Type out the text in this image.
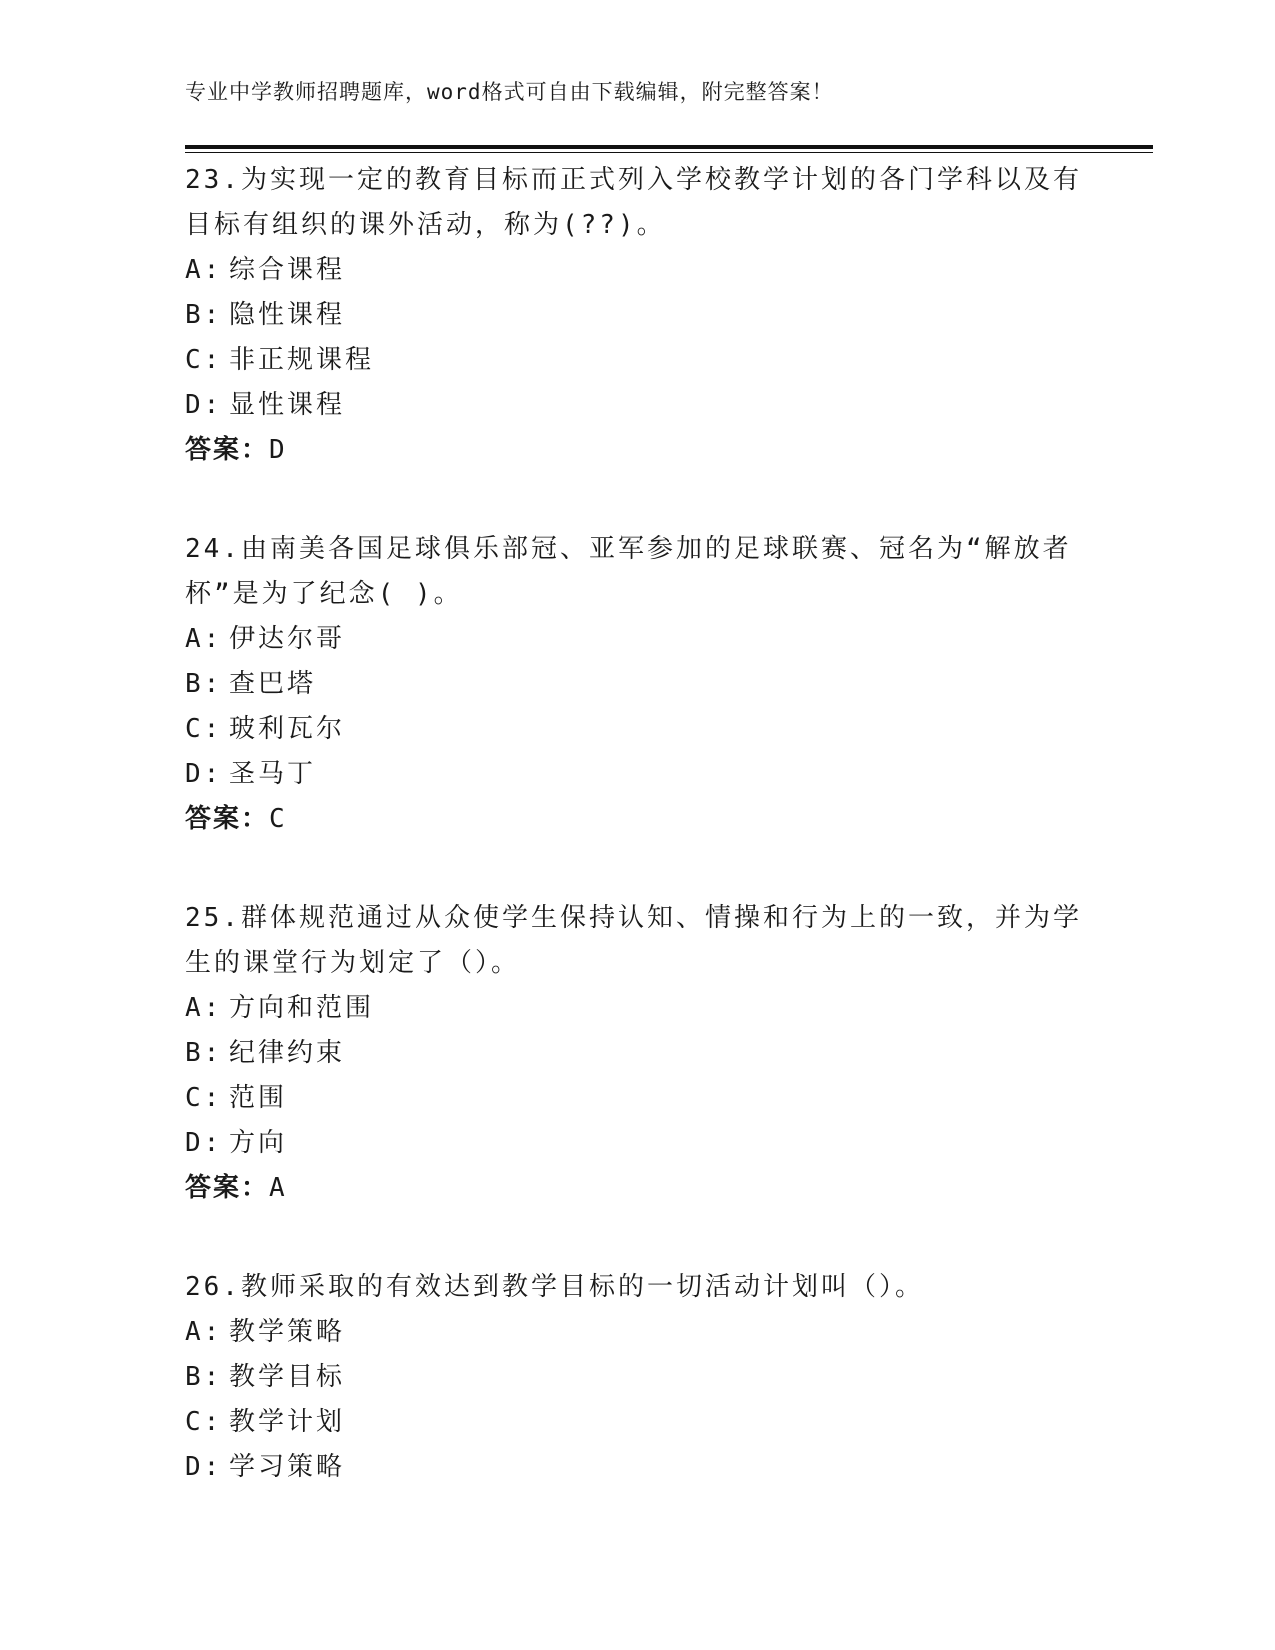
专业中学教师招聘题库，word格式可自由下载编辑，附完整答案！
23.为实现一定的教育目标而正式列入学校教学计划的各门学科以及有
目标有组织的课外活动，称为(??)。
A: 综合课程
B: 隐性课程
C: 非正规课程
D: 显性课程
答案：D
24.由南美各国足球俱乐部冠、亚军参加的足球联赛、冠名为“解放者
杯”是为了纪念( )。
A: 伊达尔哥
B: 查巴塔
C: 玻利瓦尔
D: 圣马丁
答案：C
25.群体规范通过从众使学生保持认知、情操和行为上的一致，并为学
生的课堂行为划定了（）。
A: 方向和范围
B: 纪律约束
C: 范围
D: 方向
答案：A
26.教师采取的有效达到教学目标的一切活动计划叫（）。
A: 教学策略
B: 教学目标
C: 教学计划
D: 学习策略
